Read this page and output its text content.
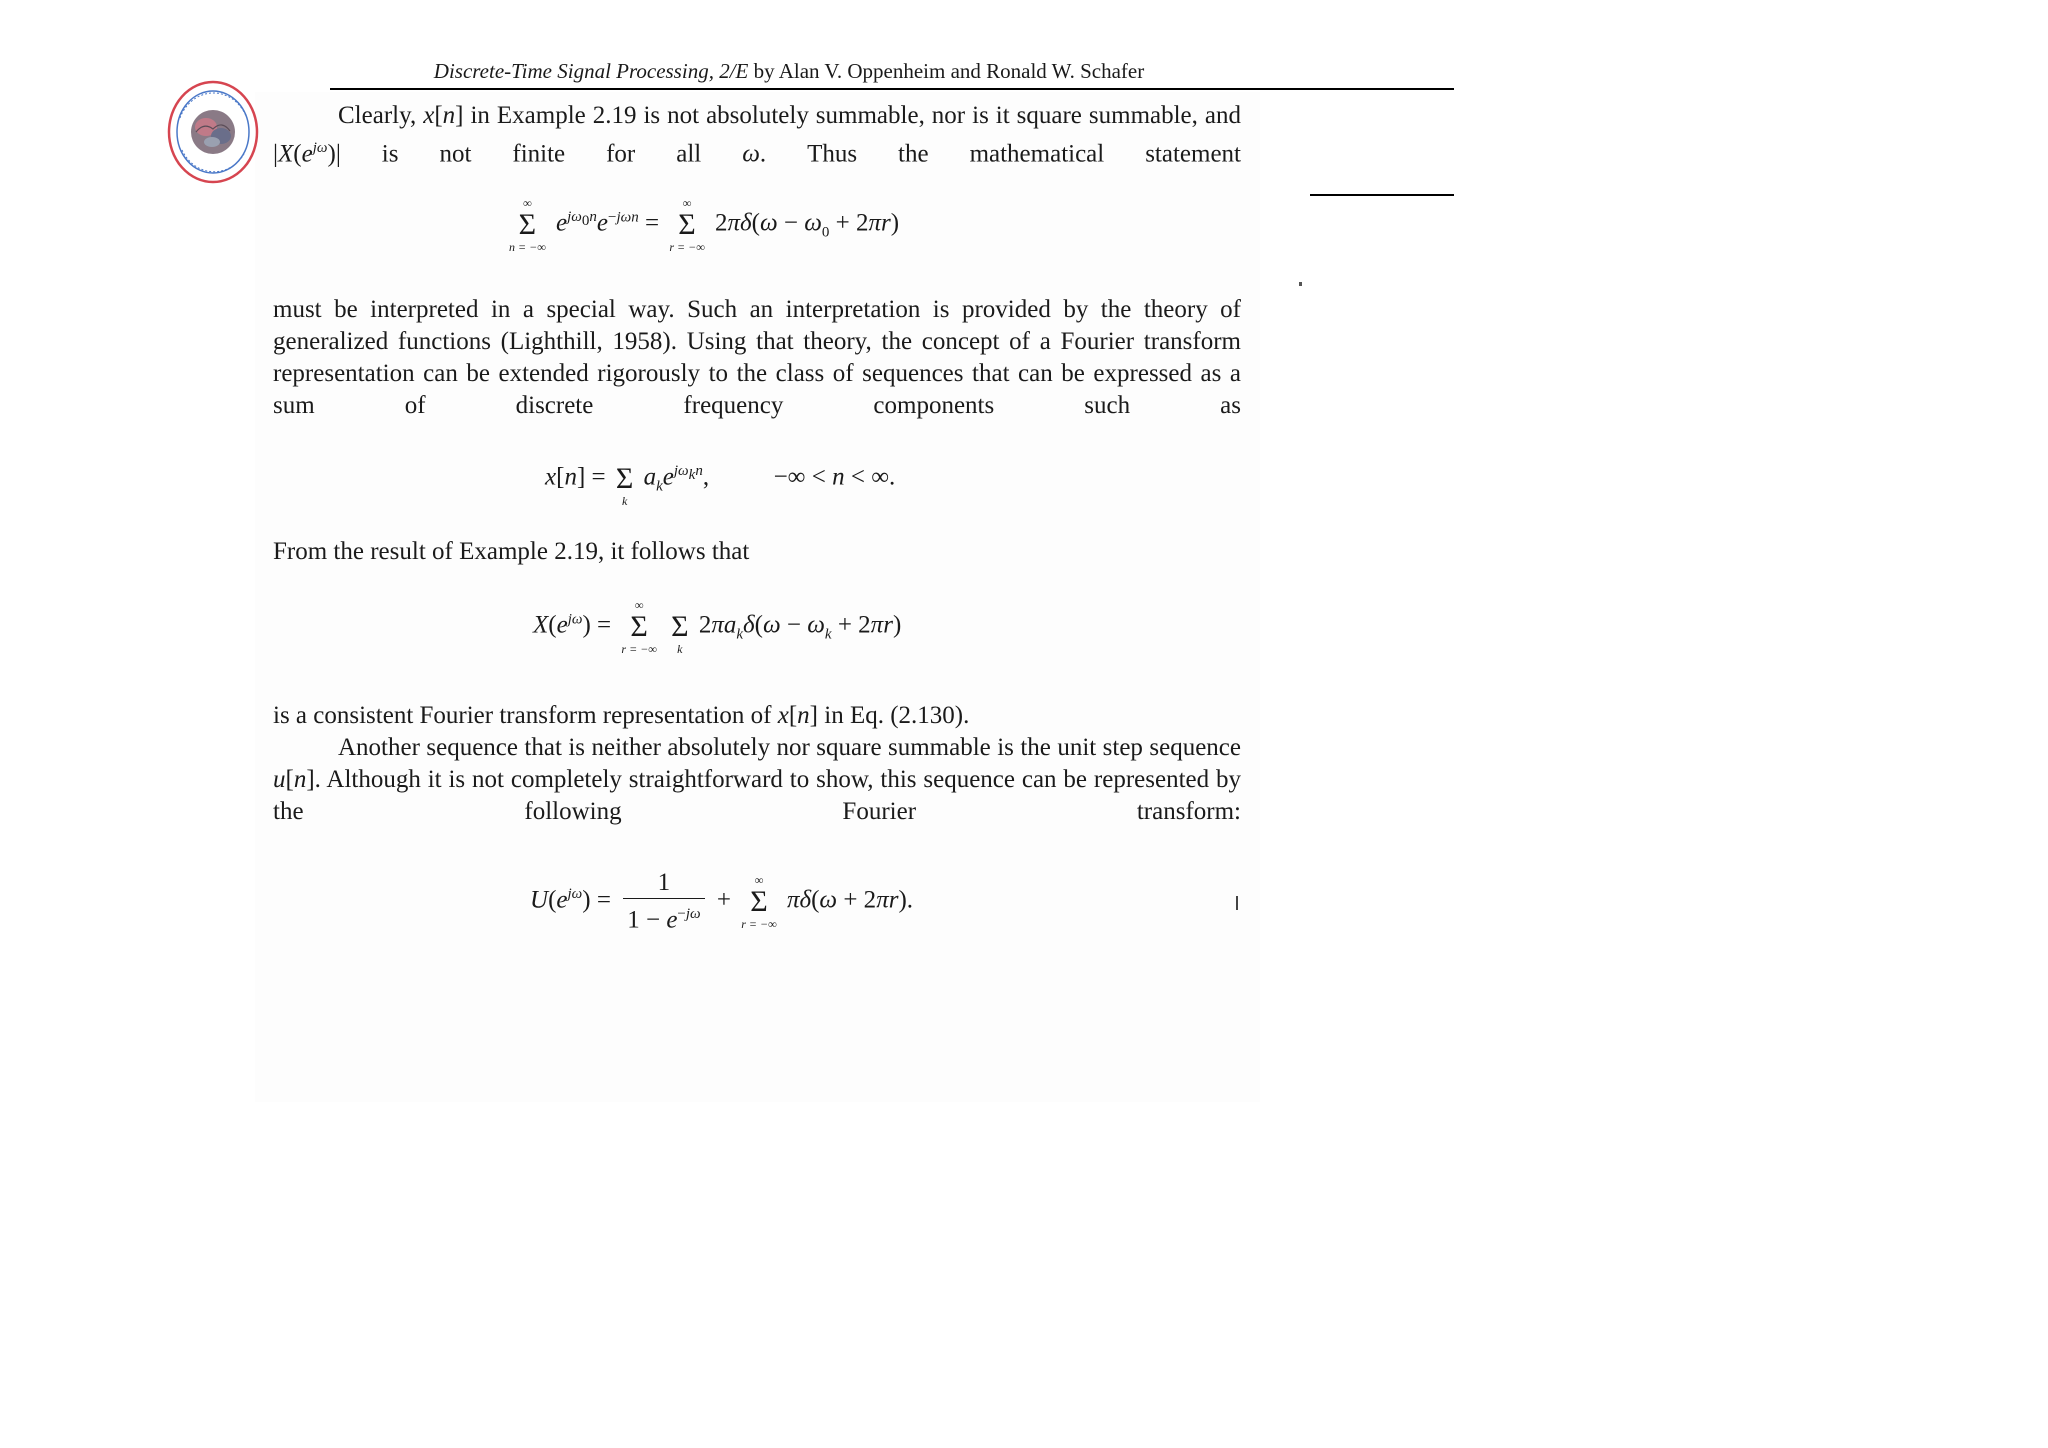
Discrete-Time Signal Processing, 2/E by Alan V. Oppenheim and Ronald W. Schafer
Clearly, x[n] in Example 2.19 is not absolutely summable, nor is it square summable, and $|X(e^{j\omega})|$ is not finite for all ω. Thus the mathematical statement
∞
Σ
n = −∞
$e^{j\omega_0n}e^{-j\omega n}$ =
∞
Σ
r = −∞
$2\pi\delta(\omega - \omega_0 + 2\pi r)$
must be interpreted in a special way. Such an interpretation is provided by the theory of generalized functions (Lighthill, 1958). Using that theory, the concept of a Fourier transform representation can be extended rigorously to the class of sequences that can be expressed as a sum of discrete frequency components such as
x[n] =
Σ
k
$a_ke^{j\omega_kn}$,  −∞ < n < ∞.
From the result of Example 2.19, it follows that
$X(e^{j\omega})$ =
∞
Σ
r = −∞

Σ
k
$2\pi a_k\delta(\omega - \omega_k + 2\pi r)$
is a consistent Fourier transform representation of x[n] in Eq. (2.130).
Another sequence that is neither absolutely nor square summable is the unit step sequence u[n]. Although it is not completely straightforward to show, this sequence can be represented by the following Fourier transform:
$U(e^{j\omega}) = \frac{1}{1 - e^{-j\omega}}$ +
∞
Σ
r = −∞
πδ(ω + 2πr).
